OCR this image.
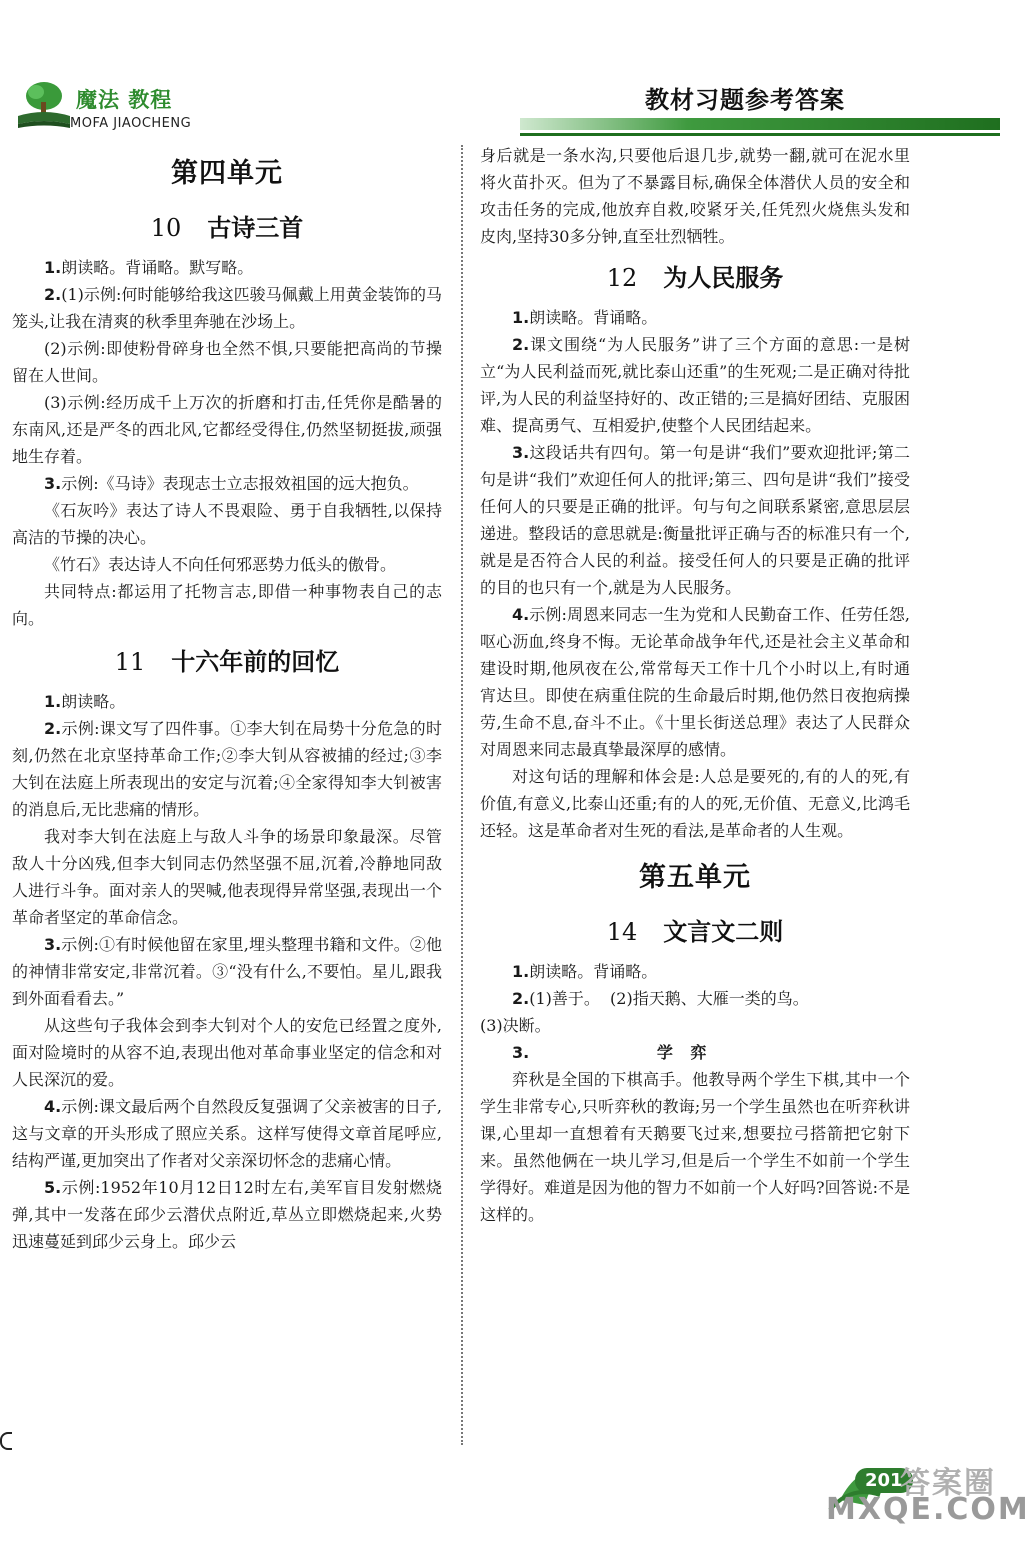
魔法 教程
MOFA JIAOCHENG
教材习题参考答案
第四单元
10 古诗三首

1.朗读略。背诵略。默写略。

2.(1)示例:何时能够给我这匹骏马佩戴上用黄金装饰的马笼头,让我在清爽的秋季里奔驰在沙场上。

(2)示例:即使粉骨碎身也全然不惧,只要能把高尚的节操留在人世间。

(3)示例:经历成千上万次的折磨和打击,任凭你是酷暑的东南风,还是严冬的西北风,它都经受得住,仍然坚韧挺拔,顽强地生存着。

3.示例:《马诗》表现志士立志报效祖国的远大抱负。

《石灰吟》表达了诗人不畏艰险、勇于自我牺牲,以保持高洁的节操的决心。

《竹石》表达诗人不向任何邪恶势力低头的傲骨。

共同特点:都运用了托物言志,即借一种事物表自己的志向。

11 十六年前的回忆

1.朗读略。

2.示例:课文写了四件事。①李大钊在局势十分危急的时刻,仍然在北京坚持革命工作;②李大钊从容被捕的经过;③李大钊在法庭上所表现出的安定与沉着;④全家得知李大钊被害的消息后,无比悲痛的情形。

我对李大钊在法庭上与敌人斗争的场景印象最深。尽管敌人十分凶残,但李大钊同志仍然坚强不屈,沉着,冷静地同敌人进行斗争。面对亲人的哭喊,他表现得异常坚强,表现出一个革命者坚定的革命信念。

3.示例:①有时候他留在家里,埋头整理书籍和文件。②他的神情非常安定,非常沉着。③“没有什么,不要怕。星儿,跟我到外面看看去。”

从这些句子我体会到李大钊对个人的安危已经置之度外,面对险境时的从容不迫,表现出他对革命事业坚定的信念和对人民深沉的爱。

4.示例:课文最后两个自然段反复强调了父亲被害的日子,这与文章的开头形成了照应关系。这样写使得文章首尾呼应,结构严谨,更加突出了作者对父亲深切怀念的悲痛心情。

5.示例:1952年10月12日12时左右,美军盲目发射燃烧弹,其中一发落在邱少云潜伏点附近,草丛立即燃烧起来,火势迅速蔓延到邱少云身上。邱少云

身后就是一条水沟,只要他后退几步,就势一翻,就可在泥水里将火苗扑灭。但为了不暴露目标,确保全体潜伏人员的安全和攻击任务的完成,他放弃自救,咬紧牙关,任凭烈火烧焦头发和皮肉,坚持30多分钟,直至壮烈牺牲。

12 为人民服务

1.朗读略。背诵略。

2.课文围绕“为人民服务”讲了三个方面的意思:一是树立“为人民利益而死,就比泰山还重”的生死观;二是正确对待批评,为人民的利益坚持好的、改正错的;三是搞好团结、克服困难、提高勇气、互相爱护,使整个人民团结起来。

3.这段话共有四句。第一句是讲“我们”要欢迎批评;第二句是讲“我们”欢迎任何人的批评;第三、四句是讲“我们”接受任何人的只要是正确的批评。句与句之间联系紧密,意思层层递进。整段话的意思就是:衡量批评正确与否的标准只有一个,就是是否符合人民的利益。接受任何人的只要是正确的批评的目的也只有一个,就是为人民服务。

4.示例:周恩来同志一生为党和人民勤奋工作、任劳任怨,呕心沥血,终身不悔。无论革命战争年代,还是社会主义革命和建设时期,他夙夜在公,常常每天工作十几个小时以上,有时通宵达旦。即使在病重住院的生命最后时期,他仍然日夜抱病操劳,生命不息,奋斗不止。《十里长街送总理》表达了人民群众对周恩来同志最真挚最深厚的感情。

对这句话的理解和体会是:人总是要死的,有的人的死,有价值,有意义,比泰山还重;有的人的死,无价值、无意义,比鸿毛还轻。这是革命者对生死的看法,是革命者的人生观。

第五单元
14 文言文二则

1.朗读略。背诵略。

2.(1)善于。  (2)指天鹅、大雁一类的鸟。

(3)决断。

3.	学 弈

弈秋是全国的下棋高手。他教导两个学生下棋,其中一个学生非常专心,只听弈秋的教诲;另一个学生虽然也在听弈秋讲课,心里却一直想着有天鹅要飞过来,想要拉弓搭箭把它射下来。虽然他俩在一块儿学习,但是后一个学生不如前一个学生学得好。难道是因为他的智力不如前一个人好吗?回答说:不是这样的。

201
答案圈
MXQE.COM
